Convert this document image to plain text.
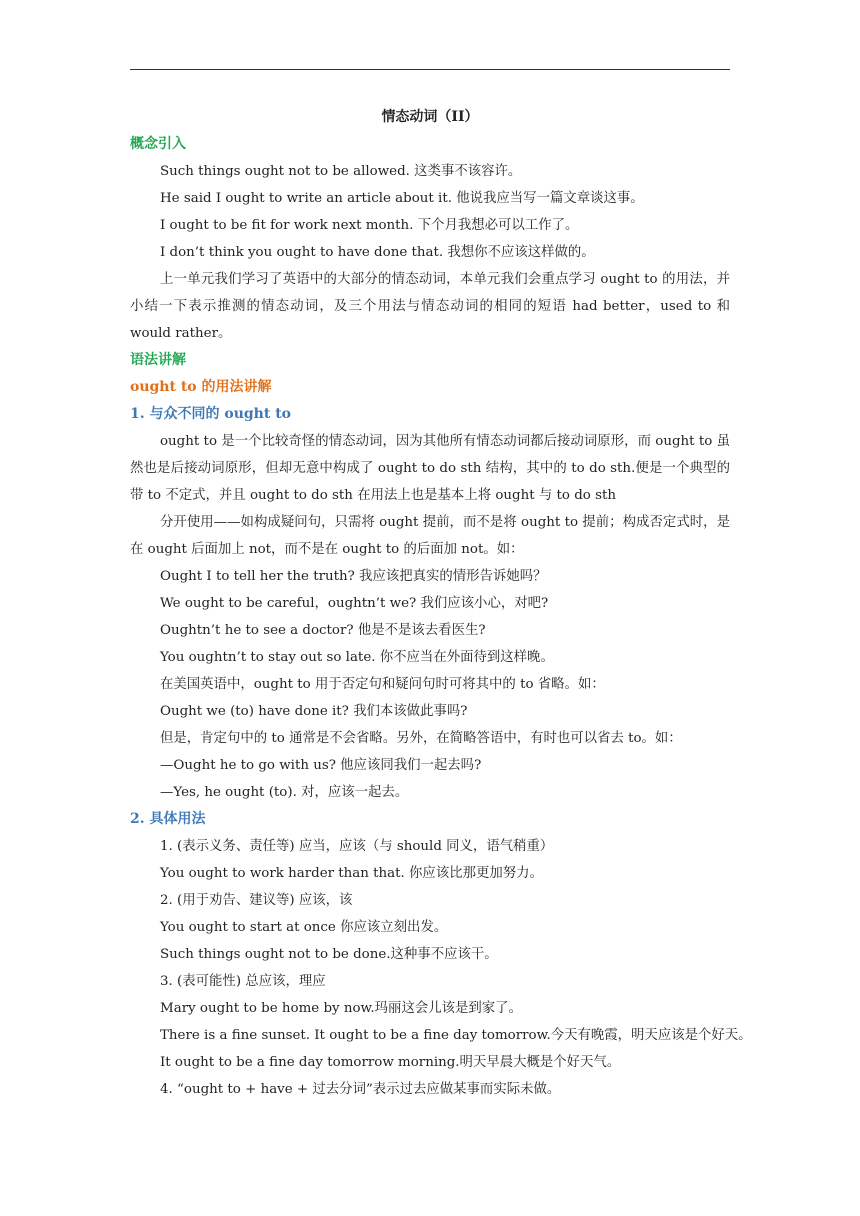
情态动词（II）
概念引入
Such things ought not to be allowed. 这类事不该容许。
He said I ought to write an article about it. 他说我应当写一篇文章谈这事。
I ought to be fit for work next month. 下个月我想必可以工作了。
I don’t think you ought to have done that. 我想你不应该这样做的。
上一单元我们学习了英语中的大部分的情态动词，本单元我们会重点学习 ought to 的用法，并小结一下表示推测的情态动词，及三个用法与情态动词的相同的短语 had better，used to 和 would rather。
语法讲解
ought to 的用法讲解
1. 与众不同的 ought to
ought to 是一个比较奇怪的情态动词，因为其他所有情态动词都后接动词原形，而 ought to 虽然也是后接动词原形，但却无意中构成了 ought to do sth 结构，其中的 to do sth.便是一个典型的带 to 不定式，并且 ought to do sth 在用法上也是基本上将 ought 与 to do sth
分开使用——如构成疑问句，只需将 ought 提前，而不是将 ought to 提前；构成否定式时，是在 ought 后面加上 not，而不是在 ought to 的后面加 not。如：
Ought I to tell her the truth? 我应该把真实的情形告诉她吗？
We ought to be careful，oughtn’t we? 我们应该小心，对吧?
Oughtn’t he to see a doctor? 他是不是该去看医生?
You oughtn’t to stay out so late. 你不应当在外面待到这样晚。
在美国英语中，ought to 用于否定句和疑问句时可将其中的 to 省略。如：
Ought we (to) have done it? 我们本该做此事吗?
但是，肯定句中的 to 通常是不会省略。另外，在简略答语中，有时也可以省去 to。如：
—Ought he to go with us? 他应该同我们一起去吗?
—Yes, he ought (to). 对，应该一起去。
2. 具体用法
1. (表示义务、责任等) 应当，应该（与 should 同义，语气稍重）
You ought to work harder than that. 你应该比那更加努力。
2. (用于劝告、建议等) 应该，该
You ought to start at once 你应该立刻出发。
Such things ought not to be done.这种事不应该干。
3. (表可能性) 总应该，理应
Mary ought to be home by now.玛丽这会儿该是到家了。
There is a fine sunset. It ought to be a fine day tomorrow.今天有晚霞，明天应该是个好天。
It ought to be a fine day tomorrow morning.明天早晨大概是个好天气。
4. “ought to + have + 过去分词”表示过去应做某事而实际未做。
